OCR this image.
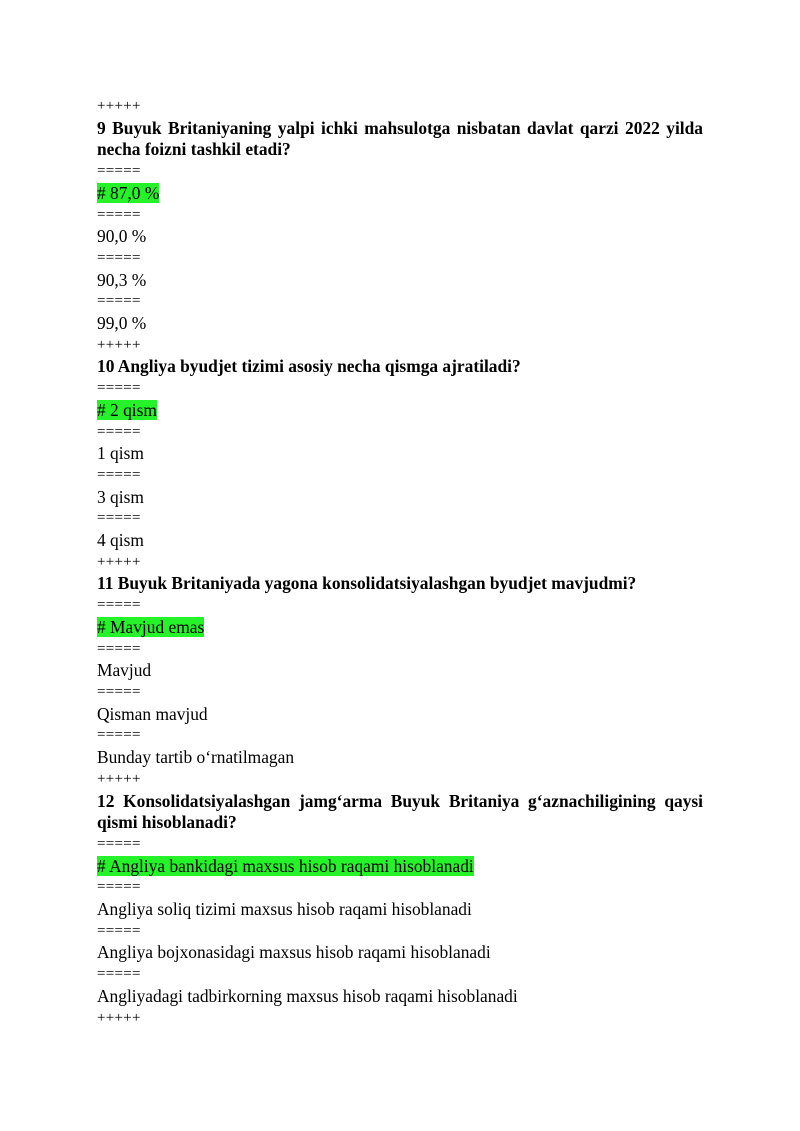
+++++
9 Buyuk Britaniyaning yalpi ichki mahsulotga nisbatan davlat qarzi 2022 yilda necha foizni tashkil etadi?
=====
# 87,0 %
=====
90,0 %
=====
90,3 %
=====
99,0 %
+++++
10 Angliya byudjet tizimi asosiy necha qismga ajratiladi?
=====
# 2 qism
=====
1 qism
=====
3 qism
=====
4 qism
+++++
11 Buyuk Britaniyada yagona konsolidatsiyalashgan byudjet mavjudmi?
=====
# Mavjud emas
=====
Mavjud
=====
Qisman mavjud
=====
Bunday tartib o‘rnatilmagan
+++++
12 Konsolidatsiyalashgan jamg‘arma Buyuk Britaniya g‘aznachiligining qaysi qismi hisoblanadi?
=====
# Angliya bankidagi maxsus hisob raqami hisoblanadi
=====
Angliya soliq tizimi maxsus hisob raqami hisoblanadi
=====
Angliya bojxonasidagi maxsus hisob raqami hisoblanadi
=====
Angliyadagi tadbirkorning maxsus hisob raqami hisoblanadi
+++++
